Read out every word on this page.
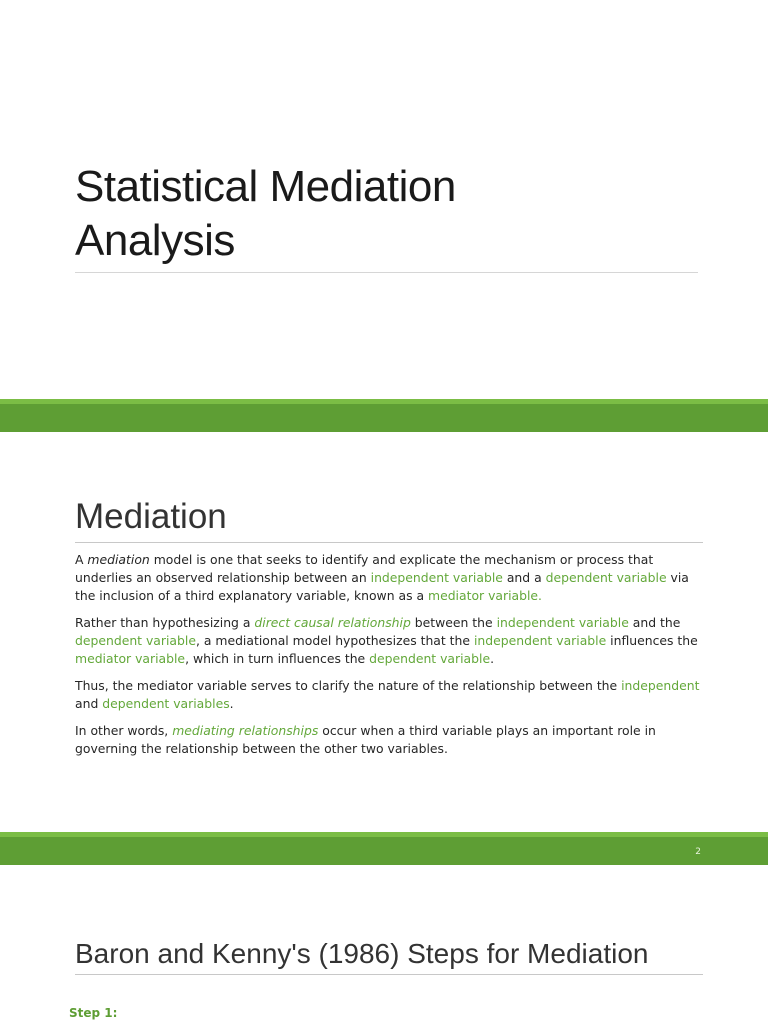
Statistical Mediation
Analysis
Mediation

A mediation model is one that seeks to identify and explicate the mechanism or process that underlies an observed relationship between an independent variable and a dependent variable via the inclusion of a third explanatory variable, known as a mediator variable.

Rather than hypothesizing a direct causal relationship between the independent variable and the dependent variable, a mediational model hypothesizes that the independent variable influences the mediator variable, which in turn influences the dependent variable.

Thus, the mediator variable serves to clarify the nature of the relationship between the independent and dependent variables.

In other words, mediating relationships occur when a third variable plays an important role in governing the relationship between the other two variables.

2
Baron and Kenny's (1986) Steps for Mediation
Step 1:
